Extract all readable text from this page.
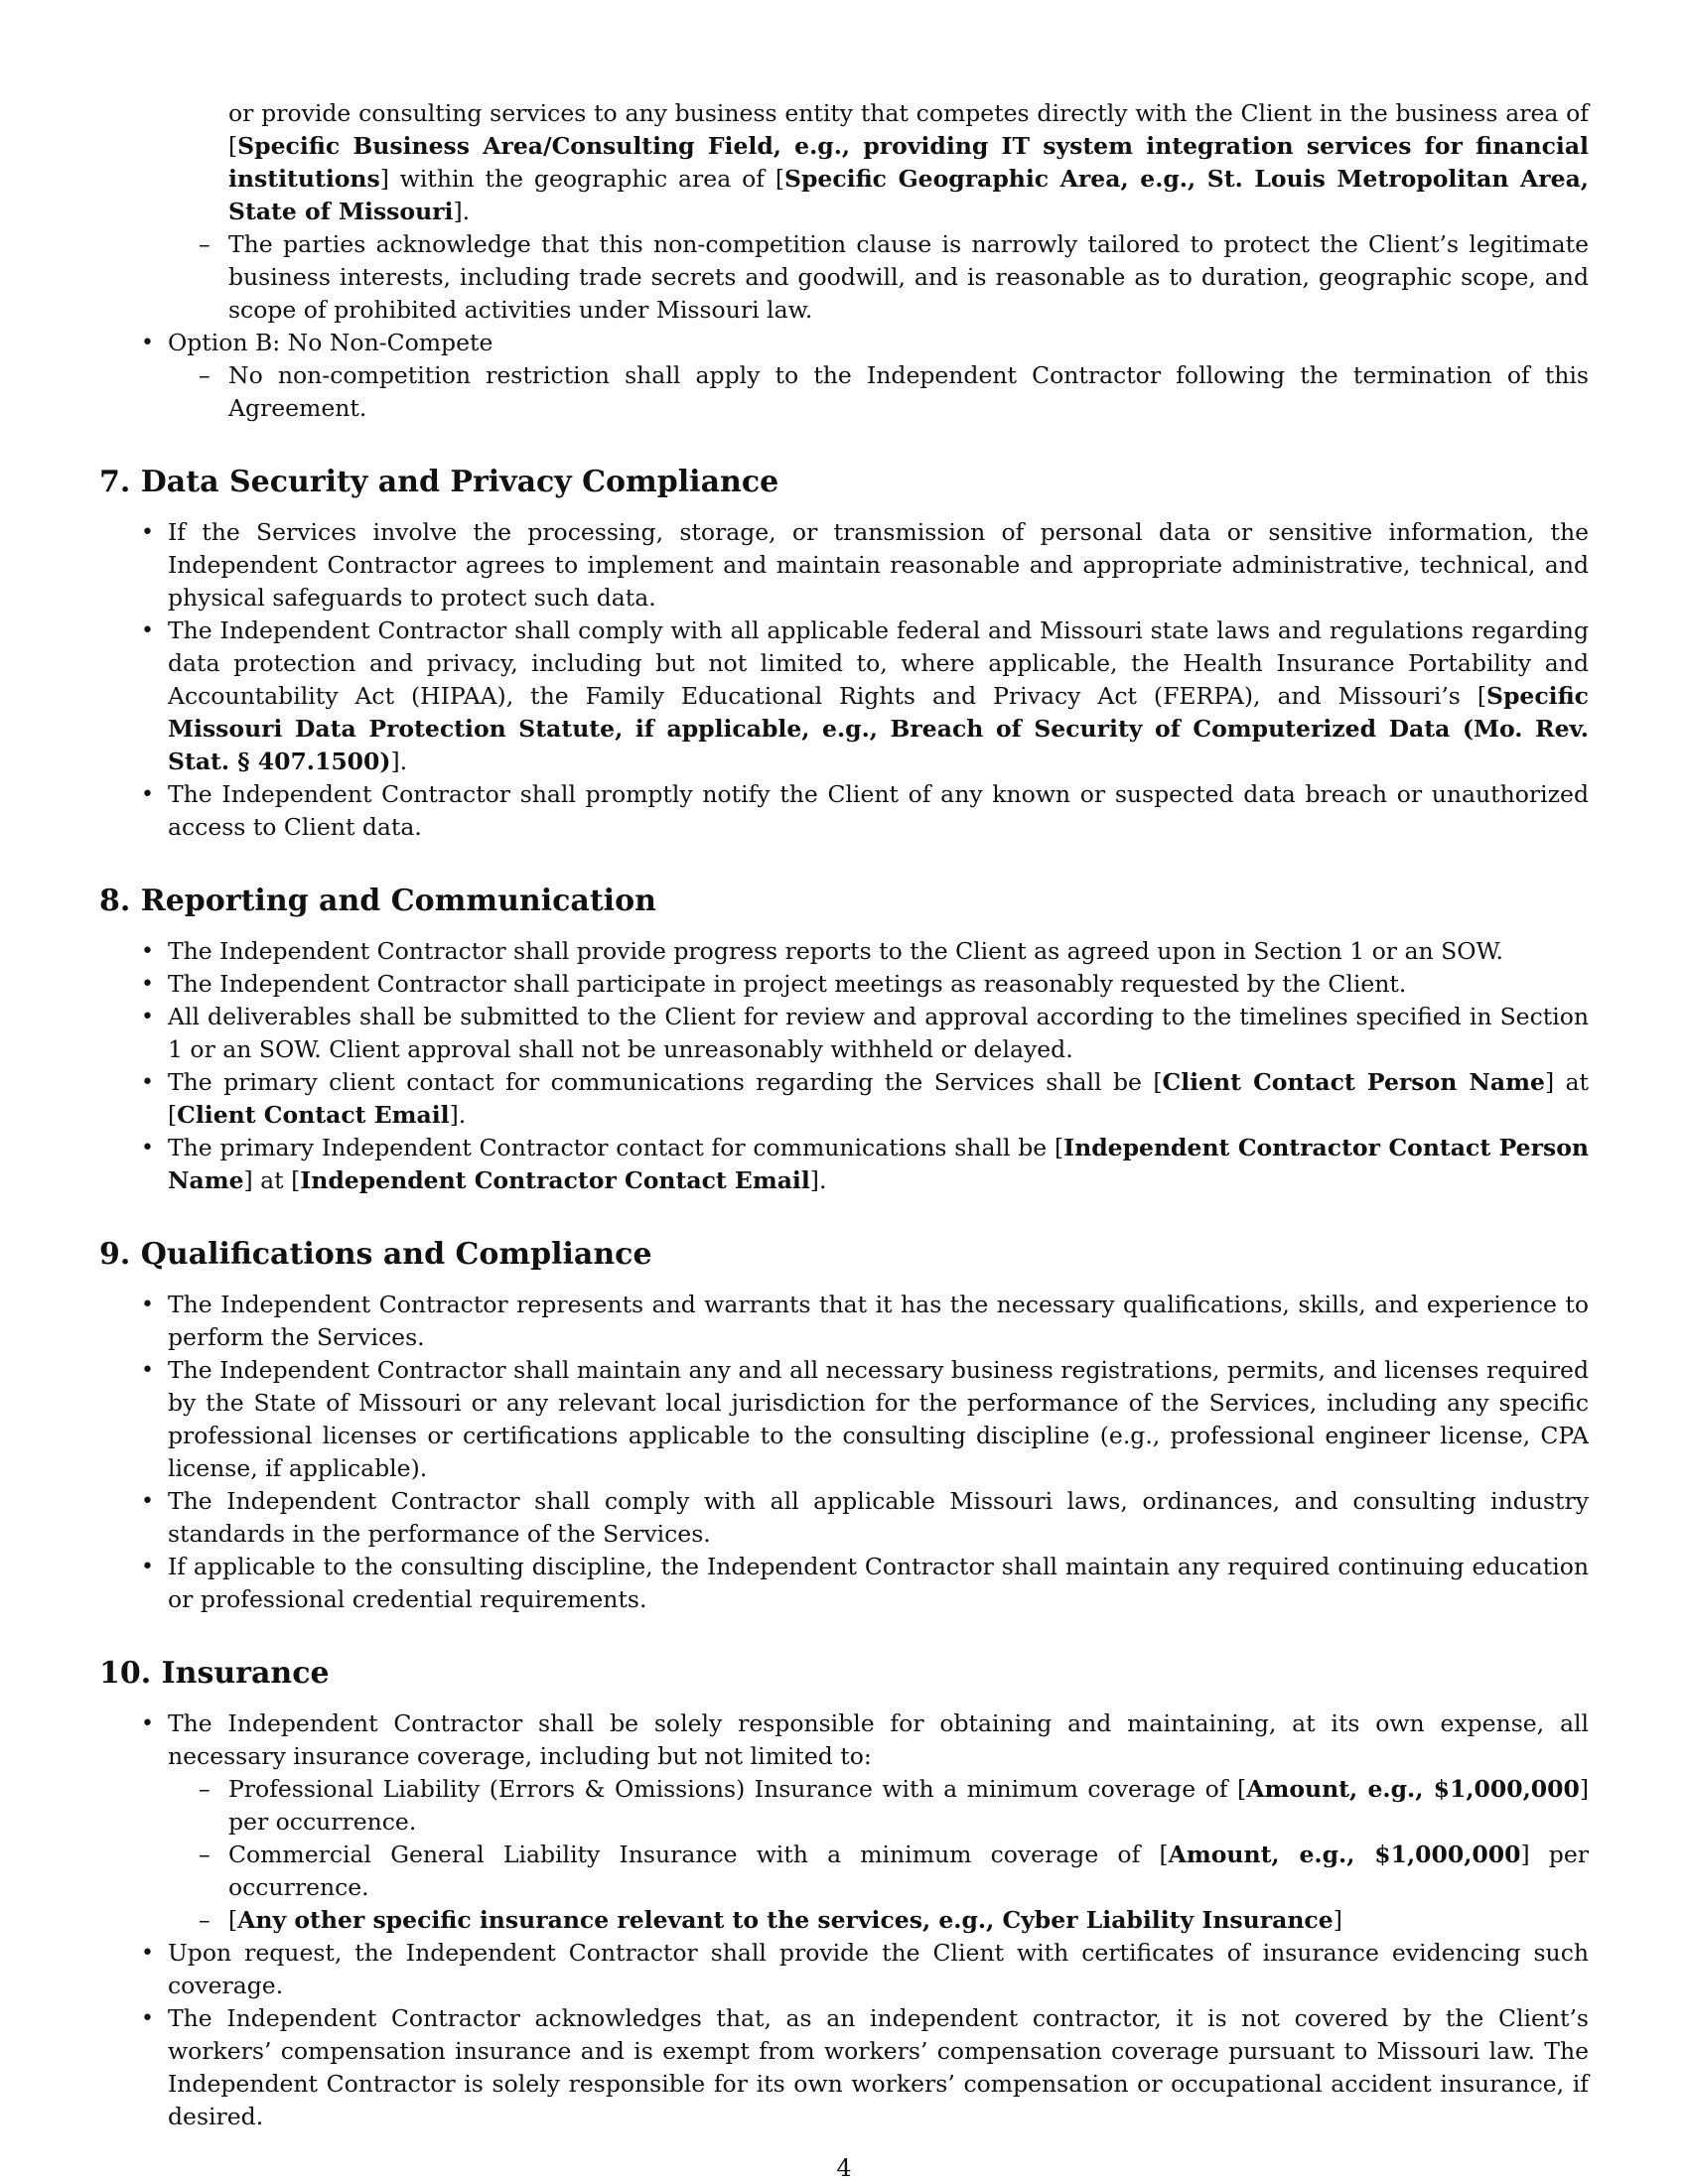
or provide consulting services to any business entity that competes directly with the Client in the business area of [Specific Business Area/Consulting Field, e.g., providing IT system integration services for financial institutions] within the geographic area of [Specific Geographic Area, e.g., St. Louis Metropolitan Area, State of Missouri].
– The parties acknowledge that this non-competition clause is narrowly tailored to protect the Client’s legitimate business interests, including trade secrets and goodwill, and is reasonable as to duration, geographic scope, and scope of prohibited activities under Missouri law.
• Option B: No Non-Compete
– No non-competition restriction shall apply to the Independent Contractor following the termination of this Agreement.
7. Data Security and Privacy Compliance
• If the Services involve the processing, storage, or transmission of personal data or sensitive information, the Independent Contractor agrees to implement and maintain reasonable and appropriate administrative, technical, and physical safeguards to protect such data.
• The Independent Contractor shall comply with all applicable federal and Missouri state laws and regulations regarding data protection and privacy, including but not limited to, where applicable, the Health Insurance Portability and Accountability Act (HIPAA), the Family Educational Rights and Privacy Act (FERPA), and Missouri’s [Specific Missouri Data Protection Statute, if applicable, e.g., Breach of Security of Computerized Data (Mo. Rev. Stat. § 407.1500)].
• The Independent Contractor shall promptly notify the Client of any known or suspected data breach or unauthorized access to Client data.
8. Reporting and Communication
• The Independent Contractor shall provide progress reports to the Client as agreed upon in Section 1 or an SOW.
• The Independent Contractor shall participate in project meetings as reasonably requested by the Client.
• All deliverables shall be submitted to the Client for review and approval according to the timelines specified in Section 1 or an SOW. Client approval shall not be unreasonably withheld or delayed.
• The primary client contact for communications regarding the Services shall be [Client Contact Person Name] at [Client Contact Email].
• The primary Independent Contractor contact for communications shall be [Independent Contractor Contact Person Name] at [Independent Contractor Contact Email].
9. Qualifications and Compliance
• The Independent Contractor represents and warrants that it has the necessary qualifications, skills, and experience to perform the Services.
• The Independent Contractor shall maintain any and all necessary business registrations, permits, and licenses required by the State of Missouri or any relevant local jurisdiction for the performance of the Services, including any specific professional licenses or certifications applicable to the consulting discipline (e.g., professional engineer license, CPA license, if applicable).
• The Independent Contractor shall comply with all applicable Missouri laws, ordinances, and consulting industry standards in the performance of the Services.
• If applicable to the consulting discipline, the Independent Contractor shall maintain any required continuing education or professional credential requirements.
10. Insurance
• The Independent Contractor shall be solely responsible for obtaining and maintaining, at its own expense, all necessary insurance coverage, including but not limited to:
– Professional Liability (Errors & Omissions) Insurance with a minimum coverage of [Amount, e.g., $1,000,000] per occurrence.
– Commercial General Liability Insurance with a minimum coverage of [Amount, e.g., $1,000,000] per occurrence.
– [Any other specific insurance relevant to the services, e.g., Cyber Liability Insurance]
• Upon request, the Independent Contractor shall provide the Client with certificates of insurance evidencing such coverage.
• The Independent Contractor acknowledges that, as an independent contractor, it is not covered by the Client’s workers’ compensation insurance and is exempt from workers’ compensation coverage pursuant to Missouri law. The Independent Contractor is solely responsible for its own workers’ compensation or occupational accident insurance, if desired.
4
